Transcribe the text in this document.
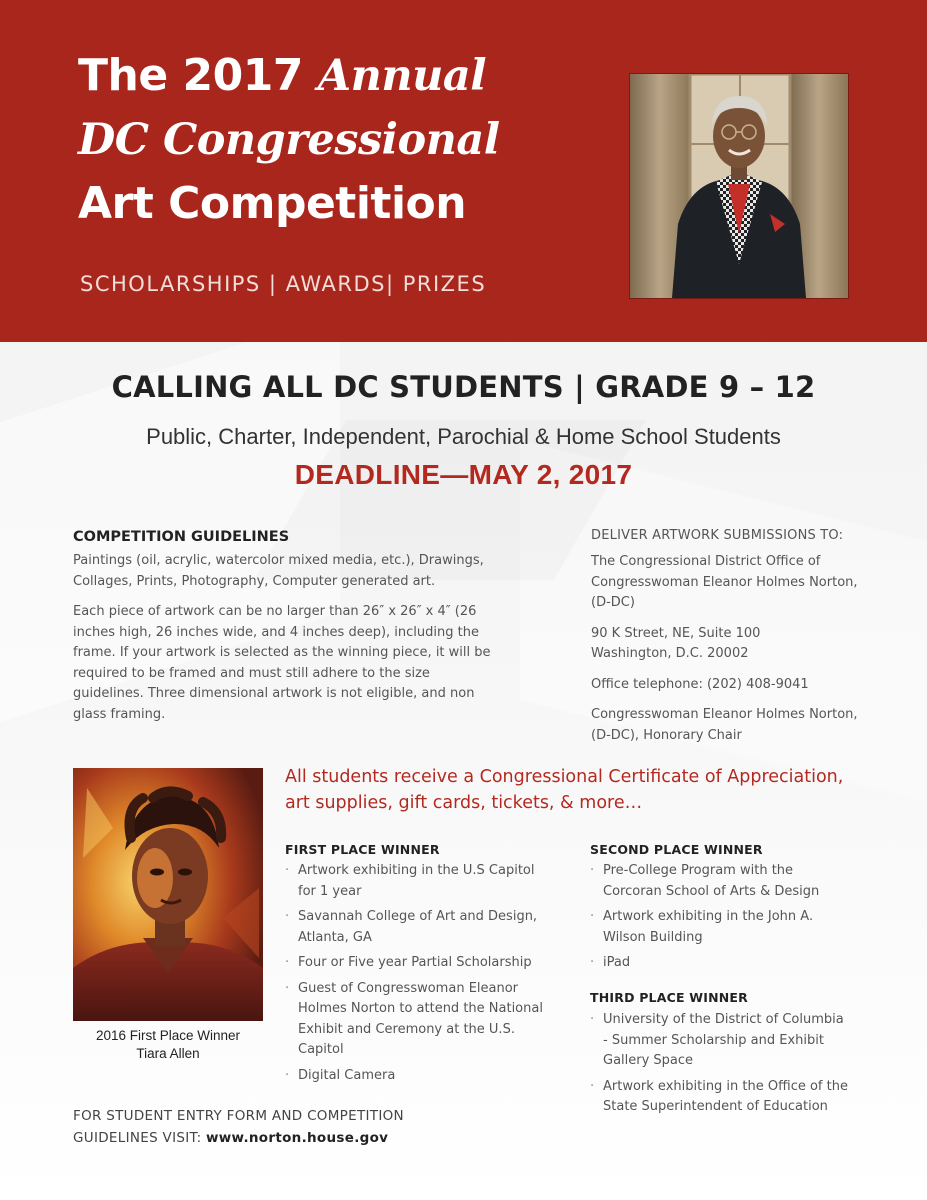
The 2017 Annual
DC Congressional
Art Competition
SCHOLARSHIPS | AWARDS| PRIZES
CALLING ALL DC STUDENTS | GRADE 9 – 12
Public, Charter, Independent, Parochial & Home School Students
DEADLINE—MAY 2, 2017
COMPETITION GUIDELINES

Paintings (oil, acrylic, watercolor mixed media, etc.), Drawings, Collages, Prints, Photography, Computer generated art.

Each piece of artwork can be no larger than 26″ x 26″ x 4″ (26 inches high, 26 inches wide, and 4 inches deep), including the frame. If your artwork is selected as the winning piece, it will be required to be framed and must still adhere to the size guidelines. Three dimensional artwork is not eligible, and non glass framing.

DELIVER ARTWORK SUBMISSIONS TO:

The Congressional District Office of Congresswoman Eleanor Holmes Norton, (D-DC)

90 K Street, NE, Suite 100
Washington, D.C. 20002

Office telephone: (202) 408-9041

Congresswoman Eleanor Holmes Norton, (D-DC), Honorary Chair

2016 First Place Winner
Tiara Allen
All students receive a Congressional Certificate of Appreciation, art supplies, gift cards, tickets, & more…
FIRST PLACE WINNER
· Artwork exhibiting in the U.S Capitol for 1 year
· Savannah College of Art and Design, Atlanta, GA
· Four or Five year Partial Scholarship
· Guest of Congresswoman Eleanor Holmes Norton to attend the National Exhibit and Ceremony at the U.S. Capitol
· Digital Camera
SECOND PLACE WINNER
· Pre-College Program with the Corcoran School of Arts & Design
· Artwork exhibiting in the John A. Wilson Building
· iPad
THIRD PLACE WINNER
· University of the District of Columbia - Summer Scholarship and Exhibit Gallery Space
· Artwork exhibiting in the Office of the State Superintendent of Education
FOR STUDENT ENTRY FORM AND COMPETITION
GUIDELINES VISIT: www.norton.house.gov
